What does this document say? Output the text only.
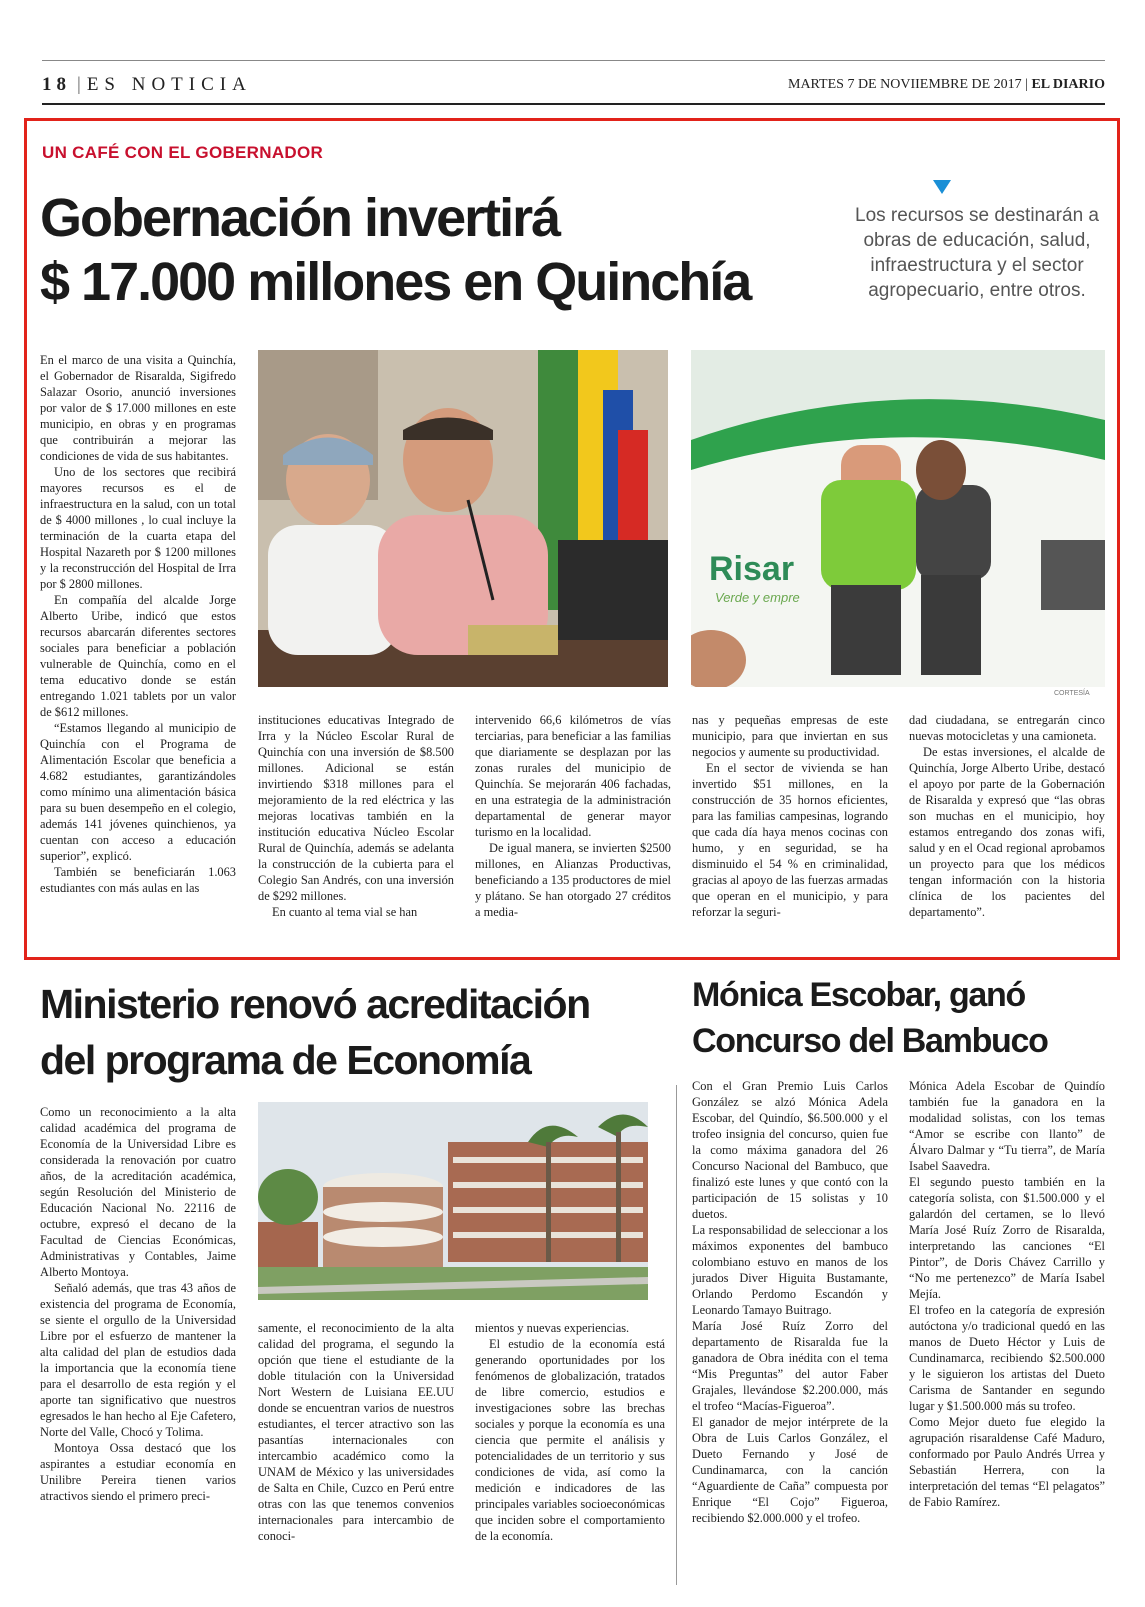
18 | ES NOTICIA	MARTES 7 DE NOVIIEMBRE DE 2017 | EL DIARIO
UN CAFÉ CON EL GOBERNADOR
Gobernación invertirá
$ 17.000 millones en Quinchía
Los recursos se destinarán a obras de educación, salud, infraestructura y el sector agropecuario, entre otros.

En el marco de una visita a Quinchía, el Gobernador de Risaralda, Sigifredo Salazar Osorio, anunció inversiones por valor de $ 17.000 millones en este municipio, en obras y en programas que contribuirán a mejorar las condiciones de vida de sus habitantes.

Uno de los sectores que recibirá mayores recursos es el de infraestructura en la salud, con un total de $ 4000 millones , lo cual incluye la terminación de la cuarta etapa del Hospital Nazareth por $ 1200 millones y la reconstrucción del Hospital de Irra por $ 2800 millones.

En compañía del alcalde Jorge Alberto Uribe, indicó que estos recursos abarcarán diferentes sectores sociales para beneficiar a población vulnerable de Quinchía, como en el tema educativo donde se están entregando 1.021 tablets por un valor de $612 millones.

“Estamos llegando al municipio de Quinchía con el Programa de Alimentación Escolar que beneficia a 4.682 estudiantes, garantizándoles como mínimo una alimentación básica para su buen desempeño en el colegio, además 141 jóvenes quinchienos, ya cuentan con acceso a educación superior”, explicó.

También se beneficiarán 1.063 estudiantes con más aulas en las

Risar
Verde y empre
CORTESÍA

instituciones educativas Integrado de Irra y la Núcleo Escolar Rural de Quinchía con una inversión de $8.500 millones. Adicional se están invirtiendo $318 millones para el mejoramiento de la red eléctrica y las mejoras locativas también en la institución educativa Núcleo Escolar Rural de Quinchía, además se adelanta la construcción de la cubierta para el Colegio San Andrés, con una inversión de $292 millones.

En cuanto al tema vial se han

intervenido 66,6 kilómetros de vías terciarias, para beneficiar a las familias que diariamente se desplazan por las zonas rurales del municipio de Quinchía. Se mejorarán 406 fachadas, en una estrategia de la administración departamental de generar mayor turismo en la localidad.

De igual manera, se invierten $2500 millones, en Alianzas Productivas, beneficiando a 135 productores de miel y plátano. Se han otorgado 27 créditos a media-

nas y pequeñas empresas de este municipio, para que inviertan en sus negocios y aumente su productividad.

En el sector de vivienda se han invertido $51 millones, en la construcción de 35 hornos eficientes, para las familias campesinas, logrando que cada día haya menos cocinas con humo, y en seguridad, se ha disminuido el 54 % en criminalidad, gracias al apoyo de las fuerzas armadas que operan en el municipio, y para reforzar la seguri-

dad ciudadana, se entregarán cinco nuevas motocicletas y una camioneta.

De estas inversiones, el alcalde de Quinchía, Jorge Alberto Uribe, destacó el apoyo por parte de la Gobernación de Risaralda y expresó que “las obras son muchas en el municipio, hoy estamos entregando dos zonas wifi, salud y en el Ocad regional aprobamos un proyecto para que los médicos tengan información con la historia clínica de los pacientes del departamento”.

Ministerio renovó acreditación
del programa de Economía

Como un reconocimiento a la alta calidad académica del programa de Economía de la Universidad Libre es considerada la renovación por cuatro años, de la acreditación académica, según Resolución del Ministerio de Educación Nacional No. 22116 de octubre, expresó el decano de la Facultad de Ciencias Económicas, Administrativas y Contables, Jaime Alberto Montoya.

Señaló además, que tras 43 años de existencia del programa de Economía, se siente el orgullo de la Universidad Libre por el esfuerzo de mantener la alta calidad del plan de estudios dada la importancia que la economía tiene para el desarrollo de esta región y el aporte tan significativo que nuestros egresados le han hecho al Eje Cafetero, Norte del Valle, Chocó y Tolima.

Montoya Ossa destacó que los aspirantes a estudiar economía en Unilibre Pereira tienen varios atractivos siendo el primero preci-

samente, el reconocimiento de la alta calidad del programa, el segundo la opción que tiene el estudiante de la doble titulación con la Universidad Nort Western de Luisiana EE.UU donde se encuentran varios de nuestros estudiantes, el tercer atractivo son las pasantías internacionales con intercambio académico como la UNAM de México y las universidades de Salta en Chile, Cuzco en Perú entre otras con las que tenemos convenios internacionales para intercambio de conoci-

mientos y nuevas experiencias.

El estudio de la economía está generando oportunidades por los fenómenos de globalización, tratados de libre comercio, estudios e investigaciones sobre las brechas sociales y porque la economía es una ciencia que permite el análisis y potencialidades de un territorio y sus condiciones de vida, así como la medición e indicadores de las principales variables socioeconómicas que inciden sobre el comportamiento de la economía.

Mónica Escobar, ganó
Concurso del Bambuco

Con el Gran Premio Luis Carlos González se alzó Mónica Adela Escobar, del Quindío, $6.500.000 y el trofeo insignia del concurso, quien fue la como máxima ganadora del 26 Concurso Nacional del Bambuco, que finalizó este lunes y que contó con la participación de 15 solistas y 10 duetos.

La responsabilidad de seleccionar a los máximos exponentes del bambuco colombiano estuvo en manos de los jurados Diver Higuita Bustamante, Orlando Perdomo Escandón y Leonardo Tamayo Buitrago.

María José Ruíz Zorro del departamento de Risaralda fue la ganadora de Obra inédita con el tema “Mis Preguntas” del autor Faber Grajales, llevándose $2.200.000, más el trofeo “Macías-Figueroa”.

El ganador de mejor intérprete de la Obra de Luis Carlos González, el Dueto Fernando y José de Cundinamarca, con la canción “Aguardiente de Caña” compuesta por Enrique “El Cojo” Figueroa, recibiendo $2.000.000 y el trofeo.

Mónica Adela Escobar de Quindío también fue la ganadora en la modalidad solistas, con los temas “Amor se escribe con llanto” de Álvaro Dalmar y “Tu tierra”, de María Isabel Saavedra.

El segundo puesto también en la categoría solista, con $1.500.000 y el galardón del certamen, se lo llevó María José Ruíz Zorro de Risaralda, interpretando las canciones “El Pintor”, de Doris Chávez Carrillo y “No me pertenezco” de María Isabel Mejía.

El trofeo en la categoría de expresión autóctona y/o tradicional quedó en las manos de Dueto Héctor y Luis de Cundinamarca, recibiendo $2.500.000 y le siguieron los artistas del Dueto Carisma de Santander en segundo lugar y $1.500.000 más su trofeo.

Como Mejor dueto fue elegido la agrupación risaraldense Café Maduro, conformado por Paulo Andrés Urrea y Sebastián Herrera, con la interpretación del temas “El pelagatos” de Fabio Ramírez.
